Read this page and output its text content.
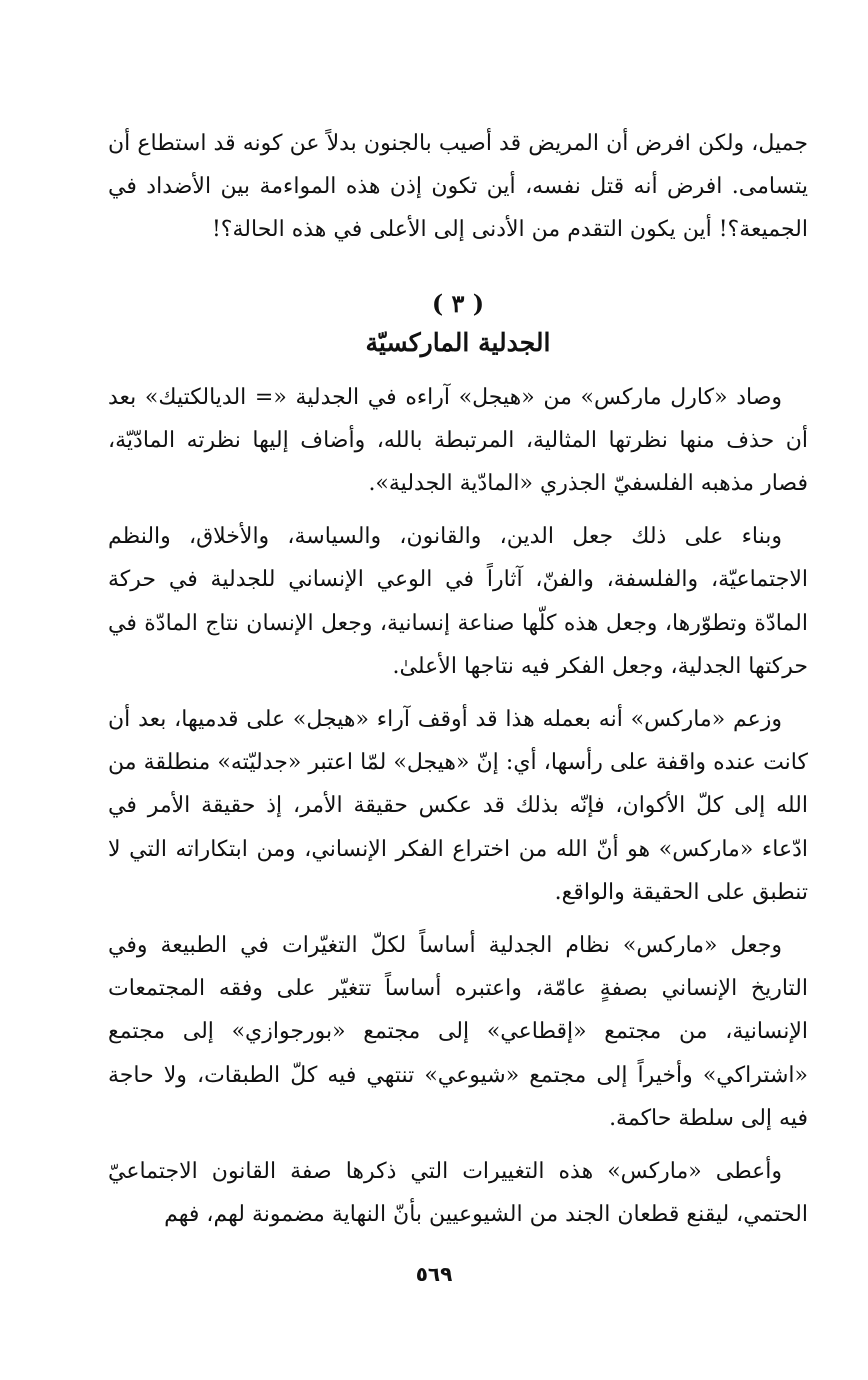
جميل، ولكن افرض أن المريض قد أصيب بالجنون بدلاً عن كونه قد استطاع أن يتسامى. افرض أنه قتل نفسه، أين تكون إذن هذه المواءمة بين الأضداد في الجميعة؟! أين يكون التقدم من الأدنى إلى الأعلى في هذه الحالة؟!

( ٣ )
الجدلية الماركسيّة

وصاد «كارل ماركس» من «هيجل» آراءه في الجدلية «= الديالكتيك» بعد أن حذف منها نظرتها المثالية، المرتبطة بالله، وأضاف إليها نظرته المادّيّة، فصار مذهبه الفلسفيّ الجذري «المادّية الجدلية».

وبناء على ذلك جعل الدين، والقانون، والسياسة، والأخلاق، والنظم الاجتماعيّة، والفلسفة، والفنّ، آثاراً في الوعي الإنساني للجدلية في حركة المادّة وتطوّرها، وجعل هذه كلّها صناعة إنسانية، وجعل الإنسان نتاج المادّة في حركتها الجدلية، وجعل الفكر فيه نتاجها الأعلىٰ.

وزعم «ماركس» أنه بعمله هذا قد أوقف آراء «هيجل» على قدميها، بعد أن كانت عنده واقفة على رأسها، أي: إنّ «هيجل» لمّا اعتبر «جدليّته» منطلقة من الله إلى كلّ الأكوان، فإنّه بذلك قد عكس حقيقة الأمر، إذ حقيقة الأمر في ادّعاء «ماركس» هو أنّ الله من اختراع الفكر الإنساني، ومن ابتكاراته التي لا تنطبق على الحقيقة والواقع.

وجعل «ماركس» نظام الجدلية أساساً لكلّ التغيّرات في الطبيعة وفي التاريخ الإنساني بصفةٍ عامّة، واعتبره أساساً تتغيّر على وفقه المجتمعات الإنسانية، من مجتمع «إقطاعي» إلى مجتمع «بورجوازي» إلى مجتمع «اشتراكي» وأخيراً إلى مجتمع «شيوعي» تنتهي فيه كلّ الطبقات، ولا حاجة فيه إلى سلطة حاكمة.

وأعطى «ماركس» هذه التغييرات التي ذكرها صفة القانون الاجتماعيّ الحتمي، ليقنع قطعان الجند من الشيوعيين بأنّ النهاية مضمونة لهم، فهم

٥٦٩
